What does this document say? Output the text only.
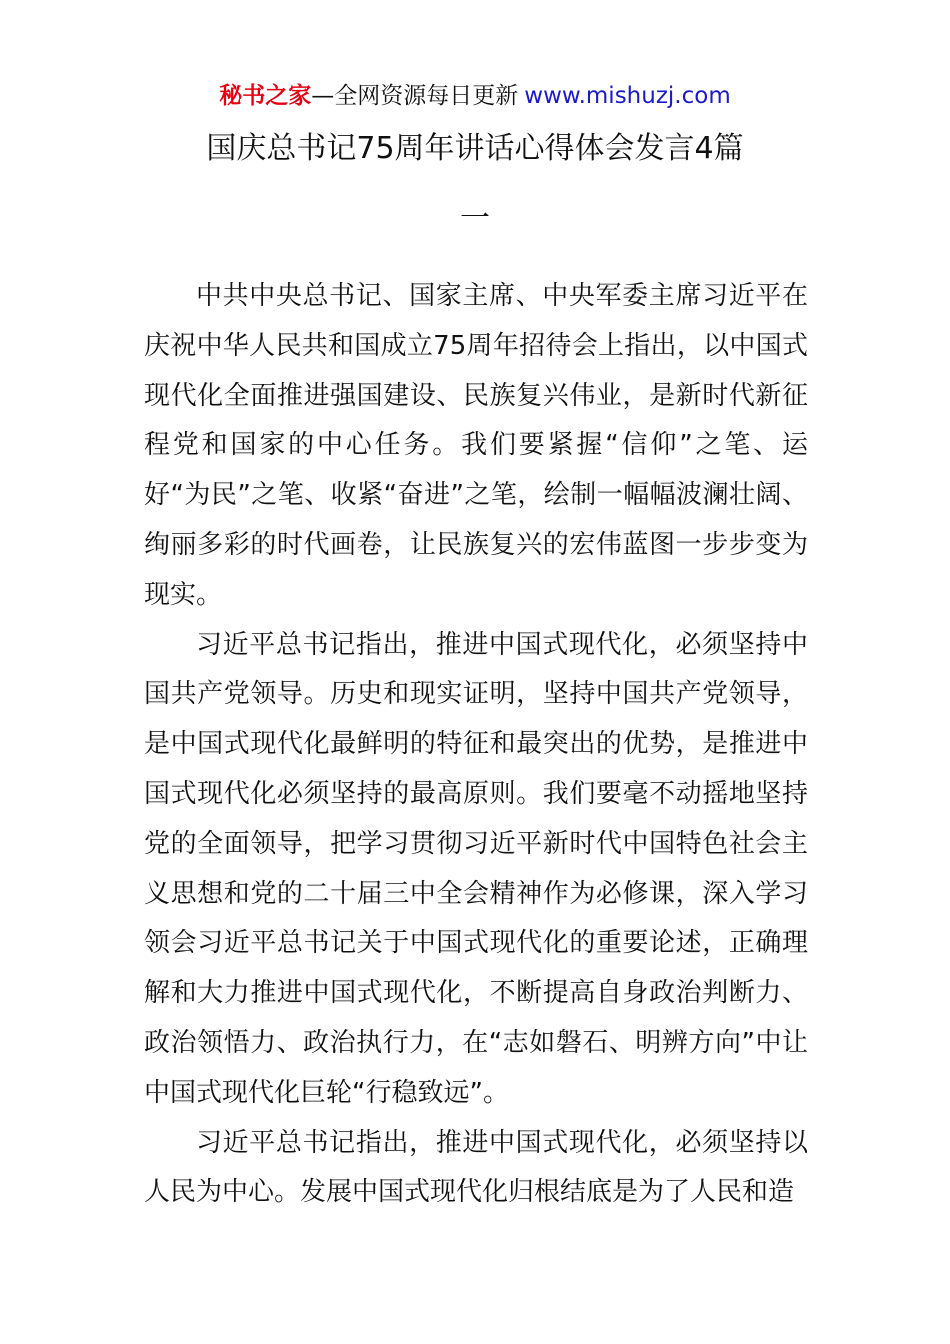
秘书之家—全网资源每日更新 www.mishuzj.com
国庆总书记75周年讲话心得体会发言4篇
一

中共中央总书记、国家主席、中央军委主席习近平在庆祝中华人民共和国成立75周年招待会上指出，以中国式现代化全面推进强国建设、民族复兴伟业，是新时代新征程党和国家的中心任务。我们要紧握“信仰”之笔、运好“为民”之笔、收紧“奋进”之笔，绘制一幅幅波澜壮阔、绚丽多彩的时代画卷，让民族复兴的宏伟蓝图一步步变为现实。

习近平总书记指出，推进中国式现代化，必须坚持中国共产党领导。历史和现实证明，坚持中国共产党领导，是中国式现代化最鲜明的特征和最突出的优势，是推进中国式现代化必须坚持的最高原则。我们要毫不动摇地坚持党的全面领导，把学习贯彻习近平新时代中国特色社会主义思想和党的二十届三中全会精神作为必修课，深入学习领会习近平总书记关于中国式现代化的重要论述，正确理解和大力推进中国式现代化，不断提高自身政治判断力、政治领悟力、政治执行力，在“志如磐石、明辨方向”中让中国式现代化巨轮“行稳致远”。

习近平总书记指出，推进中国式现代化，必须坚持以人民为中心。发展中国式现代化归根结底是为了人民和造
